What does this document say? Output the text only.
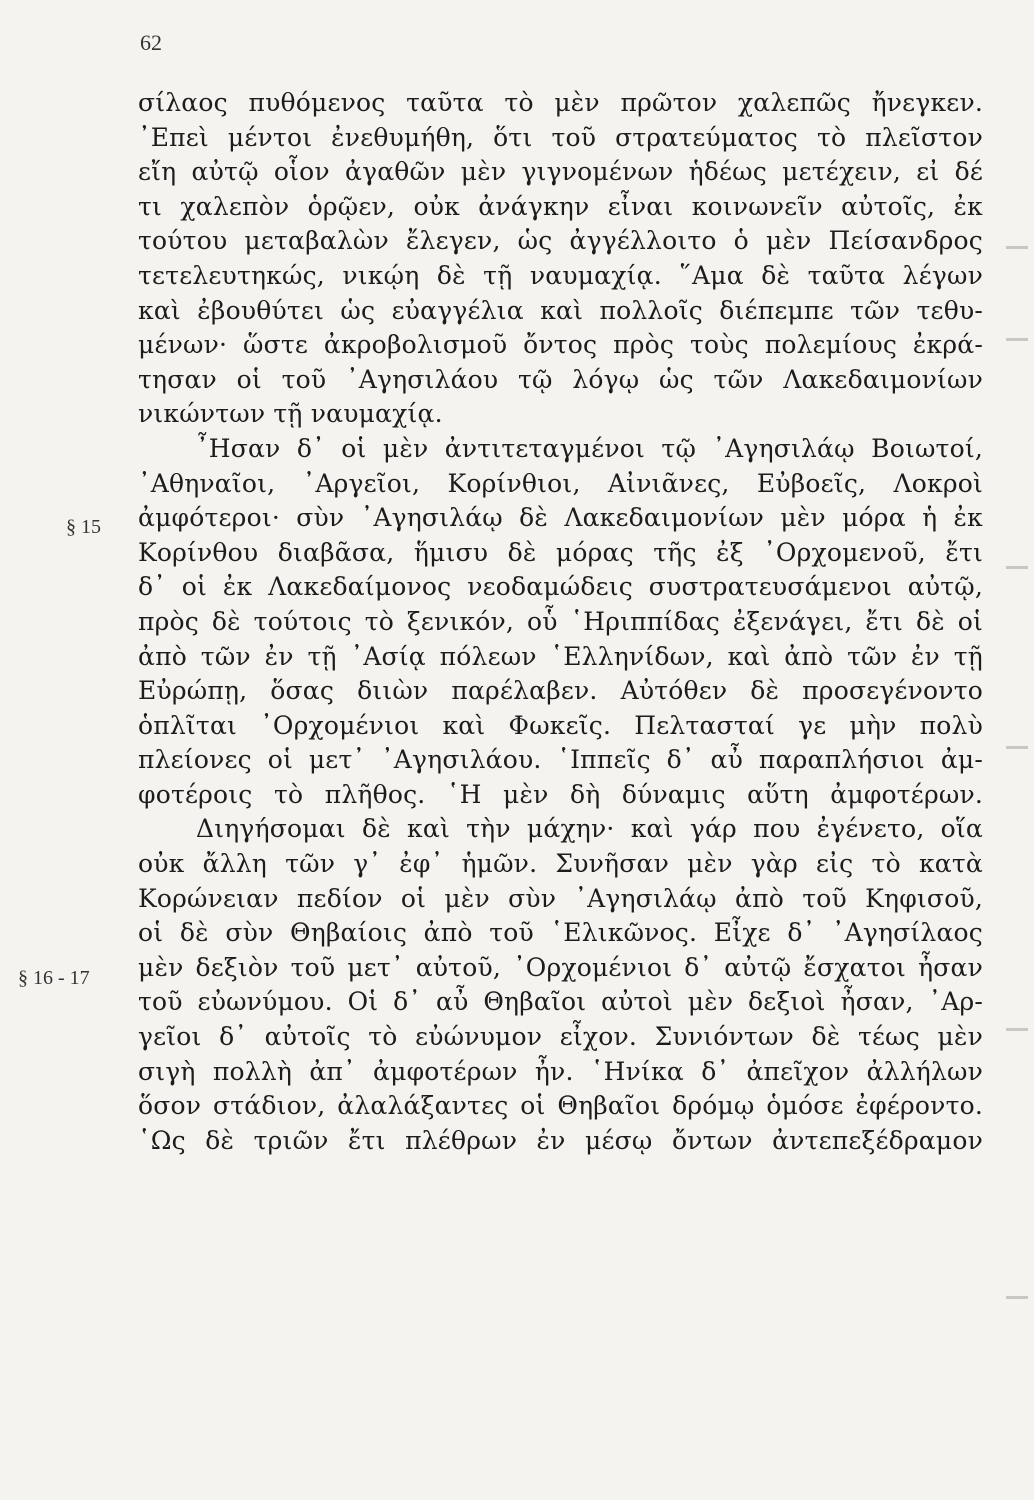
62
§ 15
§ 16 - 17
σίλαος πυθόμενος ταῦτα τὸ μὲν πρῶτον χαλεπῶς ἤνεγκεν.
᾽Επεὶ μέντοι ἐνεθυμήθη, ὅτι τοῦ στρατεύματος τὸ πλεῖστον
εἴη αὐτῷ οἷον ἀγαθῶν μὲν γιγνομένων ἡδέως μετέχειν, εἰ δέ
τι χαλεπὸν ὁρῷεν, οὐκ ἀνάγκην εἶναι κοινωνεῖν αὐτοῖς, ἐκ
τούτου μεταβαλὼν ἔλεγεν, ὡς ἀγγέλλοιτο ὁ μὲν Πείσανδρος
τετελευτηκώς, νικῴη δὲ τῇ ναυμαχίᾳ. ῞Αμα δὲ ταῦτα λέγων
καὶ ἐβουθύτει ὡς εὐαγγέλια καὶ πολλοῖς διέπεμπε τῶν τεθυ-
μένων· ὥστε ἀκροβολισμοῦ ὄντος πρὸς τοὺς πολεμίους ἐκρά-
τησαν οἱ τοῦ ᾽Αγησιλάου τῷ λόγῳ ὡς τῶν Λακεδαιμονίων
νικώντων τῇ ναυμαχίᾳ.
῏Ησαν δ᾽ οἱ μὲν ἀντιτεταγμένοι τῷ ᾽Αγησιλάῳ Βοιωτοί,
᾽Αθηναῖοι, ᾽Αργεῖοι, Κορίνθιοι, Αἰνιᾶνες, Εὐβοεῖς, Λοκροὶ
ἀμφότεροι· σὺν ᾽Αγησιλάῳ δὲ Λακεδαιμονίων μὲν μόρα ἡ ἐκ
Κορίνθου διαβᾶσα, ἥμισυ δὲ μόρας τῆς ἐξ ᾽Ορχομενοῦ, ἔτι
δ᾽ οἱ ἐκ Λακεδαίμονος νεοδαμώδεις συστρατευσάμενοι αὐτῷ,
πρὸς δὲ τούτοις τὸ ξενικόν, οὗ ῾Ηριππίδας ἐξενάγει, ἔτι δὲ οἱ
ἀπὸ τῶν ἐν τῇ ᾽Ασίᾳ πόλεων ῾Ελληνίδων, καὶ ἀπὸ τῶν ἐν τῇ
Εὐρώπῃ, ὅσας διιὼν παρέλαβεν. Αὐτόθεν δὲ προσεγένοντο
ὁπλῖται ᾽Ορχομένιοι καὶ Φωκεῖς. Πελτασταί γε μὴν πολὺ
πλείονες οἱ μετ᾽ ᾽Αγησιλάου. ῾Ιππεῖς δ᾽ αὖ παραπλήσιοι ἀμ-
φοτέροις τὸ πλῆθος. ῾Η μὲν δὴ δύναμις αὕτη ἀμφοτέρων.
Διηγήσομαι δὲ καὶ τὴν μάχην· καὶ γάρ που ἐγένετο, οἵα
οὐκ ἄλλη τῶν γ᾽ ἐφ᾽ ἡμῶν. Συνῆσαν μὲν γὰρ εἰς τὸ κατὰ
Κορώνειαν πεδίον οἱ μὲν σὺν ᾽Αγησιλάῳ ἀπὸ τοῦ Κηφισοῦ,
οἱ δὲ σὺν Θηβαίοις ἀπὸ τοῦ ῾Ελικῶνος. Εἶχε δ᾽ ᾽Αγησίλαος
μὲν δεξιὸν τοῦ μετ᾽ αὐτοῦ, ᾽Ορχομένιοι δ᾽ αὐτῷ ἔσχατοι ἦσαν
τοῦ εὐωνύμου. Οἱ δ᾽ αὖ Θηβαῖοι αὐτοὶ μὲν δεξιοὶ ἦσαν, ᾽Αρ-
γεῖοι δ᾽ αὐτοῖς τὸ εὐώνυμον εἶχον. Συνιόντων δὲ τέως μὲν
σιγὴ πολλὴ ἀπ᾽ ἀμφοτέρων ἦν. ῾Ηνίκα δ᾽ ἀπεῖχον ἀλλήλων
ὅσον στάδιον, ἀλαλάξαντες οἱ Θηβαῖοι δρόμῳ ὁμόσε ἐφέροντο.
῾Ως δὲ τριῶν ἔτι πλέθρων ἐν μέσῳ ὄντων ἀντεπεξέδραμον
